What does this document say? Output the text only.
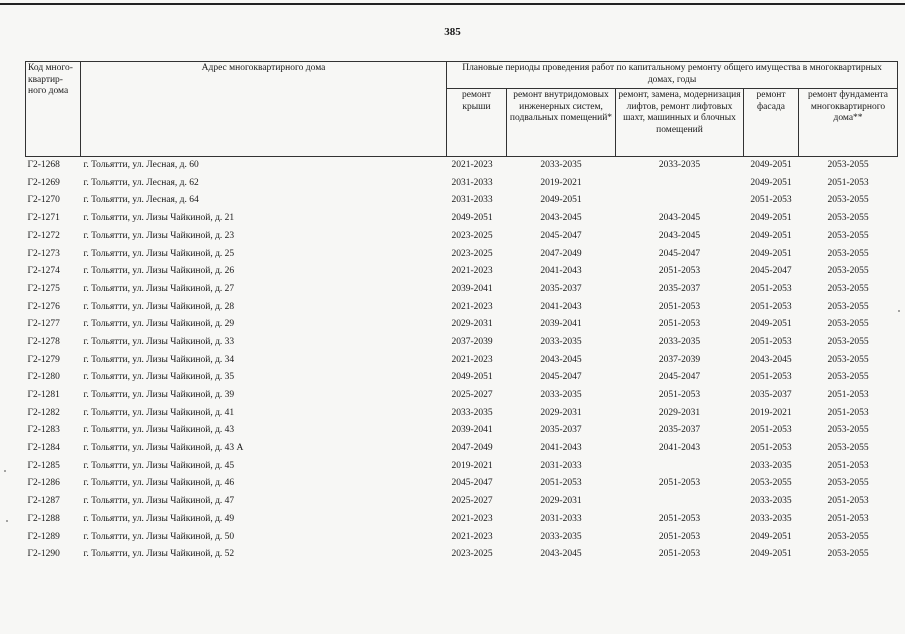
385
Код много-квартир-ного дома	Адрес многоквартирного дома	Плановые периоды проведения работ по капитальному ремонту общего имущества в многоквартирных домах, годы				
		ремонт крыши	ремонт внутридомовых инженерных систем, подвальных помещений*	ремонт, замена, модернизация лифтов, ремонт лифтовых шахт, машинных и блочных помещений	ремонт фасада	ремонт фундамента многоквартирного дома**
Г2-1268	г. Тольятти, ул. Лесная, д. 60	2021-2023	2033-2035	2033-2035	2049-2051	2053-2055
Г2-1269	г. Тольятти, ул. Лесная, д. 62	2031-2033	2019-2021		2049-2051	2051-2053
Г2-1270	г. Тольятти, ул. Лесная, д. 64	2031-2033	2049-2051		2051-2053	2053-2055
Г2-1271	г. Тольятти, ул. Лизы Чайкиной, д. 21	2049-2051	2043-2045	2043-2045	2049-2051	2053-2055
Г2-1272	г. Тольятти, ул. Лизы Чайкиной, д. 23	2023-2025	2045-2047	2043-2045	2049-2051	2053-2055
Г2-1273	г. Тольятти, ул. Лизы Чайкиной, д. 25	2023-2025	2047-2049	2045-2047	2049-2051	2053-2055
Г2-1274	г. Тольятти, ул. Лизы Чайкиной, д. 26	2021-2023	2041-2043	2051-2053	2045-2047	2053-2055
Г2-1275	г. Тольятти, ул. Лизы Чайкиной, д. 27	2039-2041	2035-2037	2035-2037	2051-2053	2053-2055
Г2-1276	г. Тольятти, ул. Лизы Чайкиной, д. 28	2021-2023	2041-2043	2051-2053	2051-2053	2053-2055
Г2-1277	г. Тольятти, ул. Лизы Чайкиной, д. 29	2029-2031	2039-2041	2051-2053	2049-2051	2053-2055
Г2-1278	г. Тольятти, ул. Лизы Чайкиной, д. 33	2037-2039	2033-2035	2033-2035	2051-2053	2053-2055
Г2-1279	г. Тольятти, ул. Лизы Чайкиной, д. 34	2021-2023	2043-2045	2037-2039	2043-2045	2053-2055
Г2-1280	г. Тольятти, ул. Лизы Чайкиной, д. 35	2049-2051	2045-2047	2045-2047	2051-2053	2053-2055
Г2-1281	г. Тольятти, ул. Лизы Чайкиной, д. 39	2025-2027	2033-2035	2051-2053	2035-2037	2051-2053
Г2-1282	г. Тольятти, ул. Лизы Чайкиной, д. 41	2033-2035	2029-2031	2029-2031	2019-2021	2051-2053
Г2-1283	г. Тольятти, ул. Лизы Чайкиной, д. 43	2039-2041	2035-2037	2035-2037	2051-2053	2053-2055
Г2-1284	г. Тольятти, ул. Лизы Чайкиной, д. 43 А	2047-2049	2041-2043	2041-2043	2051-2053	2053-2055
Г2-1285	г. Тольятти, ул. Лизы Чайкиной, д. 45	2019-2021	2031-2033		2033-2035	2051-2053
Г2-1286	г. Тольятти, ул. Лизы Чайкиной, д. 46	2045-2047	2051-2053	2051-2053	2053-2055	2053-2055
Г2-1287	г. Тольятти, ул. Лизы Чайкиной, д. 47	2025-2027	2029-2031		2033-2035	2051-2053
Г2-1288	г. Тольятти, ул. Лизы Чайкиной, д. 49	2021-2023	2031-2033	2051-2053	2033-2035	2051-2053
Г2-1289	г. Тольятти, ул. Лизы Чайкиной, д. 50	2021-2023	2033-2035	2051-2053	2049-2051	2053-2055
Г2-1290	г. Тольятти, ул. Лизы Чайкиной, д. 52	2023-2025	2043-2045	2051-2053	2049-2051	2053-2055
